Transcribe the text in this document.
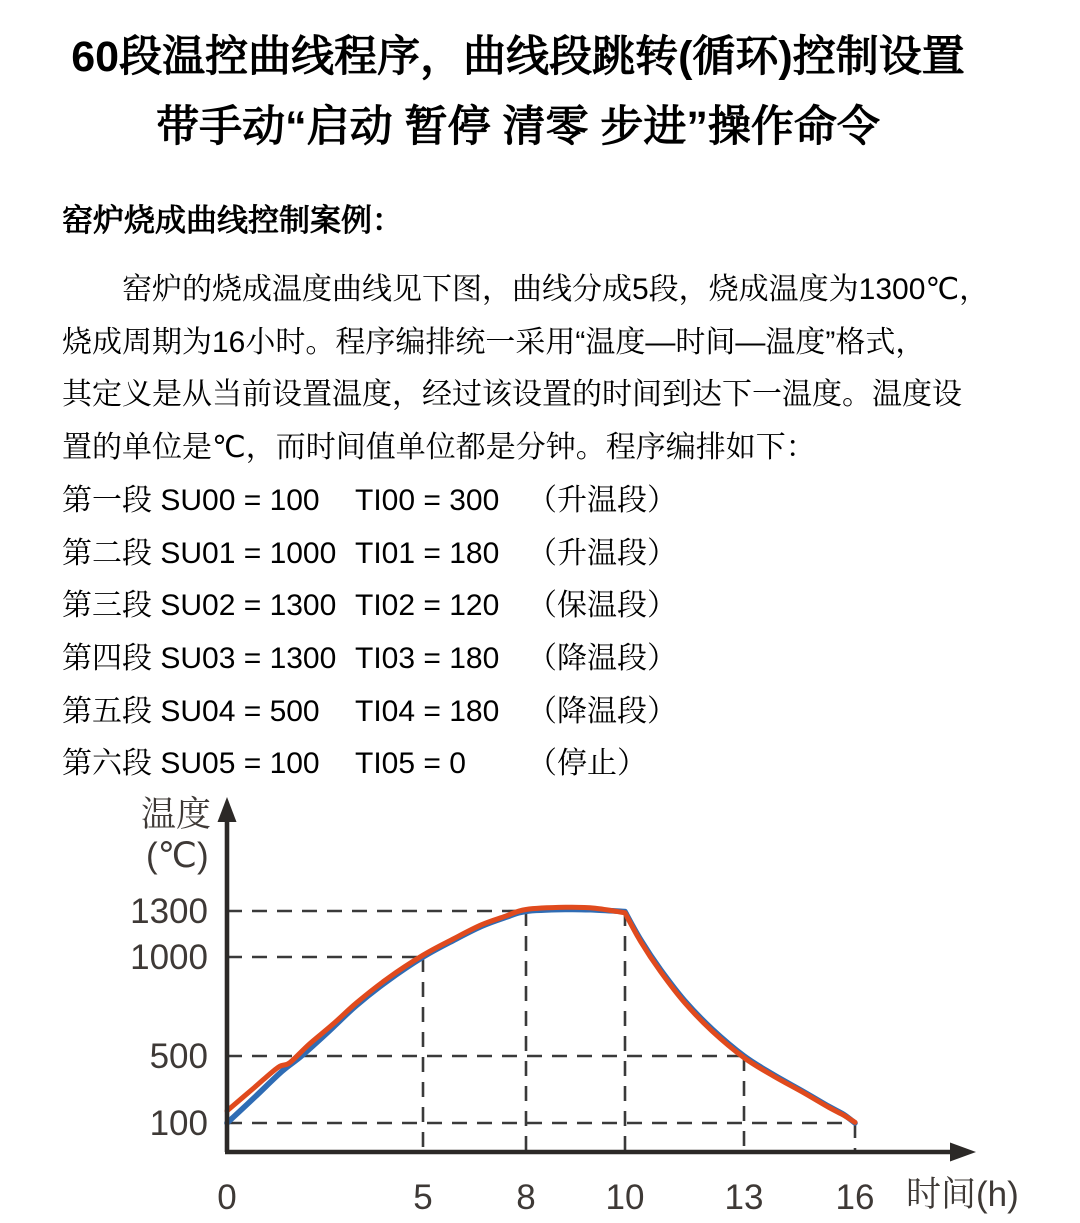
60段温控曲线程序，曲线段跳转(循环)控制设置
带手动“启动 暂停 清零 步进”操作命令
窑炉烧成曲线控制案例：
窑炉的烧成温度曲线见下图，曲线分成5段，烧成温度为1300℃，
烧成周期为16小时。程序编排统一采用“温度—时间—温度”格式，
其定义是从当前设置温度，经过该设置的时间到达下一温度。温度设
置的单位是℃，而时间值单位都是分钟。程序编排如下：
第一段 SU00 = 100	TI00 = 300 （升温段）
第二段 SU01 = 1000 TI01 = 180 （升温段）
第三段 SU02 = 1300 TI02 = 120 （保温段）
第四段 SU03 = 1300 TI03 = 180 （降温段）
第五段 SU04 = 500	TI04 = 180 （降温段）
第六段 SU05 = 100	TI05 = 0	（停止）
0	5 8 10 13 16
100
500
1000
1300
温度
(℃)
时间(h)
